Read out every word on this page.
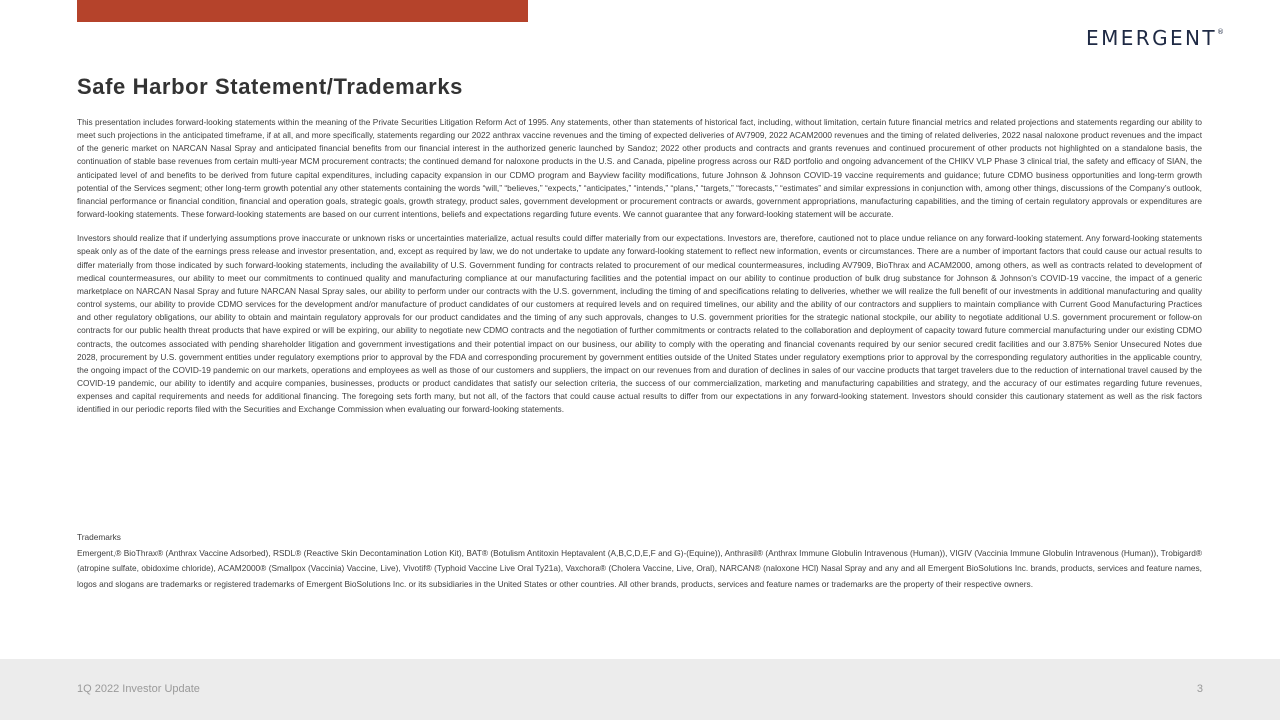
EMERGENT®
Safe Harbor Statement/Trademarks

This presentation includes forward-looking statements within the meaning of the Private Securities Litigation Reform Act of 1995. Any statements, other than statements of historical fact, including, without limitation, certain future financial metrics and related projections and statements regarding our ability to meet such projections in the anticipated timeframe, if at all, and more specifically, statements regarding our 2022 anthrax vaccine revenues and the timing of expected deliveries of AV7909, 2022 ACAM2000 revenues and the timing of related deliveries, 2022 nasal naloxone product revenues and the impact of the generic market on NARCAN Nasal Spray and anticipated financial benefits from our financial interest in the authorized generic launched by Sandoz; 2022 other products and contracts and grants revenues and continued procurement of other products not highlighted on a standalone basis, the continuation of stable base revenues from certain multi-year MCM procurement contracts; the continued demand for naloxone products in the U.S. and Canada, pipeline progress across our R&D portfolio and ongoing advancement of the CHIKV VLP Phase 3 clinical trial, the safety and efficacy of SIAN, the anticipated level of and benefits to be derived from future capital expenditures, including capacity expansion in our CDMO program and Bayview facility modifications, future Johnson & Johnson COVID-19 vaccine requirements and guidance; future CDMO business opportunities and long-term growth potential of the Services segment; other long-term growth potential any other statements containing the words “will,” “believes,” “expects,” “anticipates,” “intends,” “plans,” “targets,” “forecasts,” “estimates” and similar expressions in conjunction with, among other things, discussions of the Company’s outlook, financial performance or financial condition, financial and operation goals, strategic goals, growth strategy, product sales, government development or procurement contracts or awards, government appropriations, manufacturing capabilities, and the timing of certain regulatory approvals or expenditures are forward-looking statements. These forward-looking statements are based on our current intentions, beliefs and expectations regarding future events. We cannot guarantee that any forward-looking statement will be accurate.

Investors should realize that if underlying assumptions prove inaccurate or unknown risks or uncertainties materialize, actual results could differ materially from our expectations. Investors are, therefore, cautioned not to place undue reliance on any forward-looking statement. Any forward-looking statements speak only as of the date of the earnings press release and investor presentation, and, except as required by law, we do not undertake to update any forward-looking statement to reflect new information, events or circumstances. There are a number of important factors that could cause our actual results to differ materially from those indicated by such forward-looking statements, including the availability of U.S. Government funding for contracts related to procurement of our medical countermeasures, including AV7909, BioThrax and ACAM2000, among others, as well as contracts related to development of medical countermeasures, our ability to meet our commitments to continued quality and manufacturing compliance at our manufacturing facilities and the potential impact on our ability to continue production of bulk drug substance for Johnson & Johnson’s COVID-19 vaccine, the impact of a generic marketplace on NARCAN Nasal Spray and future NARCAN Nasal Spray sales, our ability to perform under our contracts with the U.S. government, including the timing of and specifications relating to deliveries, whether we will realize the full benefit of our investments in additional manufacturing and quality control systems, our ability to provide CDMO services for the development and/or manufacture of product candidates of our customers at required levels and on required timelines, our ability and the ability of our contractors and suppliers to maintain compliance with Current Good Manufacturing Practices and other regulatory obligations, our ability to obtain and maintain regulatory approvals for our product candidates and the timing of any such approvals, changes to U.S. government priorities for the strategic national stockpile, our ability to negotiate additional U.S. government procurement or follow-on contracts for our public health threat products that have expired or will be expiring, our ability to negotiate new CDMO contracts and the negotiation of further commitments or contracts related to the collaboration and deployment of capacity toward future commercial manufacturing under our existing CDMO contracts, the outcomes associated with pending shareholder litigation and government investigations and their potential impact on our business, our ability to comply with the operating and financial covenants required by our senior secured credit facilities and our 3.875% Senior Unsecured Notes due 2028, procurement by U.S. government entities under regulatory exemptions prior to approval by the FDA and corresponding procurement by government entities outside of the United States under regulatory exemptions prior to approval by the corresponding regulatory authorities in the applicable country, the ongoing impact of the COVID-19 pandemic on our markets, operations and employees as well as those of our customers and suppliers, the impact on our revenues from and duration of declines in sales of our vaccine products that target travelers due to the reduction of international travel caused by the COVID-19 pandemic, our ability to identify and acquire companies, businesses, products or product candidates that satisfy our selection criteria, the success of our commercialization, marketing and manufacturing capabilities and strategy, and the accuracy of our estimates regarding future revenues, expenses and capital requirements and needs for additional financing. The foregoing sets forth many, but not all, of the factors that could cause actual results to differ from our expectations in any forward-looking statement. Investors should consider this cautionary statement as well as the risk factors identified in our periodic reports filed with the Securities and Exchange Commission when evaluating our forward-looking statements.

Trademarks

Emergent,® BioThrax® (Anthrax Vaccine Adsorbed), RSDL® (Reactive Skin Decontamination Lotion Kit), BAT® (Botulism Antitoxin Heptavalent (A,B,C,D,E,F and G)-(Equine)), Anthrasil® (Anthrax Immune Globulin Intravenous (Human)), VIGIV (Vaccinia Immune Globulin Intravenous (Human)), Trobigard® (atropine sulfate, obidoxime chloride), ACAM2000® (Smallpox (Vaccinia) Vaccine, Live), Vivotif® (Typhoid Vaccine Live Oral Ty21a), Vaxchora® (Cholera Vaccine, Live, Oral), NARCAN® (naloxone HCl) Nasal Spray and any and all Emergent BioSolutions Inc. brands, products, services and feature names, logos and slogans are trademarks or registered trademarks of Emergent BioSolutions Inc. or its subsidiaries in the United States or other countries. All other brands, products, services and feature names or trademarks are the property of their respective owners.

1Q 2022 Investor Update	3
